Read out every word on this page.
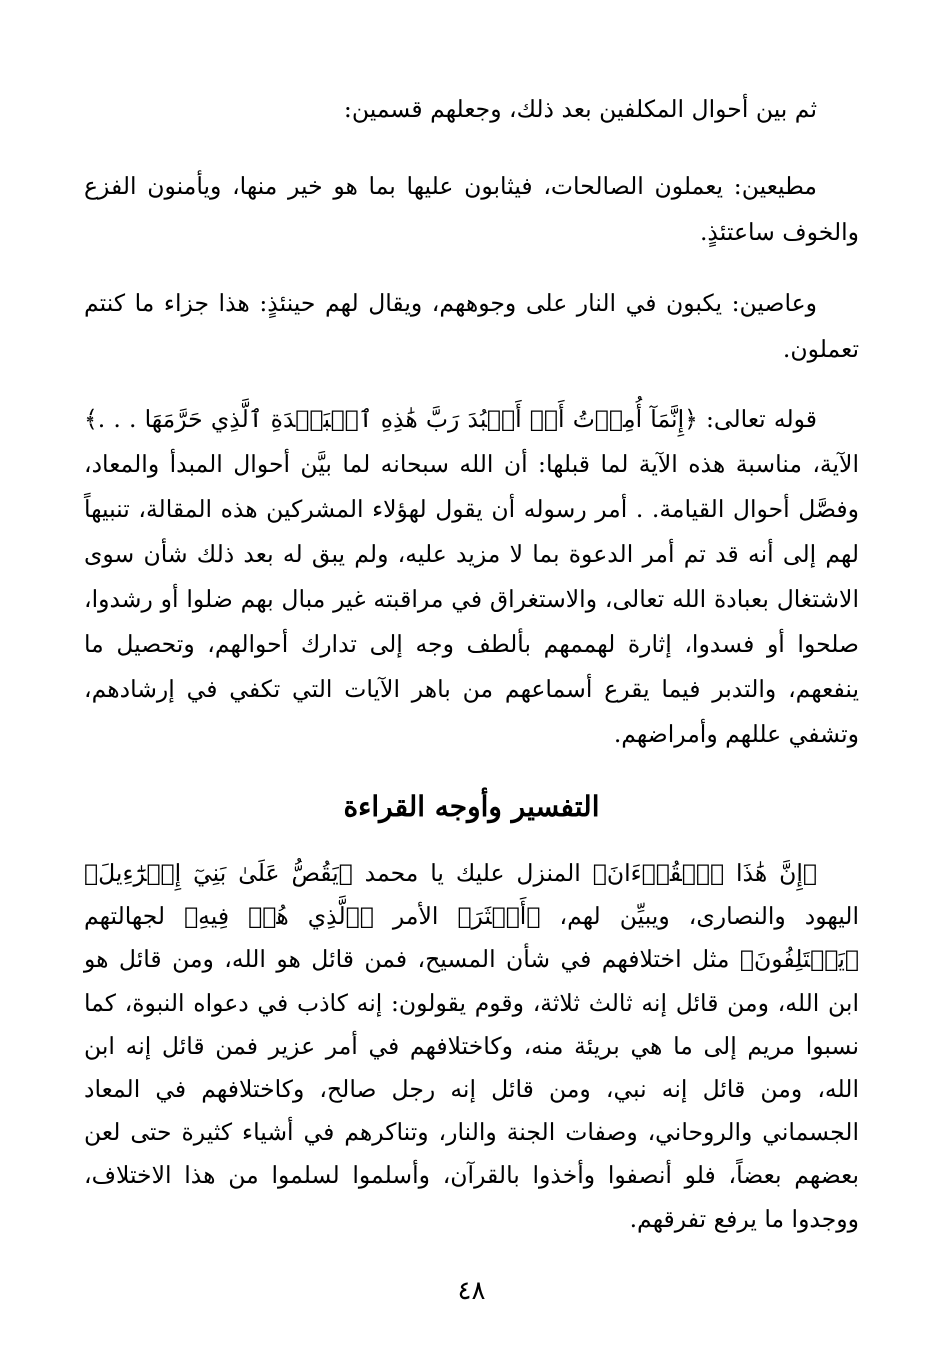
ثم بين أحوال المكلفين بعد ذلك، وجعلهم قسمين:

مطيعين: يعملون الصالحات، فيثابون عليها بما هو خير منها، ويأمنون الفزع والخوف ساعتئذٍ.

وعاصين: يكبون في النار على وجوههم، ويقال لهم حينئذٍ: هذا جزاء ما كنتم تعملون.

قوله تعالى: ﴿إِنَّمَآ أُمِرۡتُ أَنۡ أَعۡبُدَ رَبَّ هَٰذِهِ ٱلۡبَلۡدَةِ ٱلَّذِي حَرَّمَهَا . . .﴾ الآية، مناسبة هذه الآية لما قبلها: أن الله سبحانه لما بيَّن أحوال المبدأ والمعاد، وفصَّل أحوال القيامة. . أمر رسوله أن يقول لهؤلاء المشركين هذه المقالة، تنبيهاً لهم إلى أنه قد تم أمر الدعوة بما لا مزيد عليه، ولم يبق له بعد ذلك شأن سوى الاشتغال بعبادة الله تعالى، والاستغراق في مراقبته غير مبال بهم ضلوا أو رشدوا، صلحوا أو فسدوا، إثارة لهممهم بألطف وجه إلى تدارك أحوالهم، وتحصيل ما ينفعهم، والتدبر فيما يقرع أسماعهم من باهر الآيات التي تكفي في إرشادهم، وتشفي عللهم وأمراضهم.

التفسير وأوجه القراءة

﴿إِنَّ هَٰذَا ٱلۡقُرۡءَانَ﴾ المنزل عليك يا محمد ﴿يَقُصُّ عَلَىٰ بَنِيٓ إِسۡرَٰٓءِيلَ﴾ اليهود والنصارى، ويبيِّن لهم، ﴿أَكۡثَرَ﴾ الأمر ﴿ٱلَّذِي هُمۡ فِيهِ﴾ لجهالتهم ﴿يَخۡتَلِفُونَ﴾ مثل اختلافهم في شأن المسيح، فمن قائل هو الله، ومن قائل هو ابن الله، ومن قائل إنه ثالث ثلاثة، وقوم يقولون: إنه كاذب في دعواه النبوة، كما نسبوا مريم إلى ما هي بريئة منه، وكاختلافهم في أمر عزير فمن قائل إنه ابن الله، ومن قائل إنه نبي، ومن قائل إنه رجل صالح، وكاختلافهم في المعاد الجسماني والروحاني، وصفات الجنة والنار، وتناكرهم في أشياء كثيرة حتى لعن بعضهم بعضاً، فلو أنصفوا وأخذوا بالقرآن، وأسلموا لسلموا من هذا الاختلاف، ووجدوا ما يرفع تفرقهم.

٤٨
